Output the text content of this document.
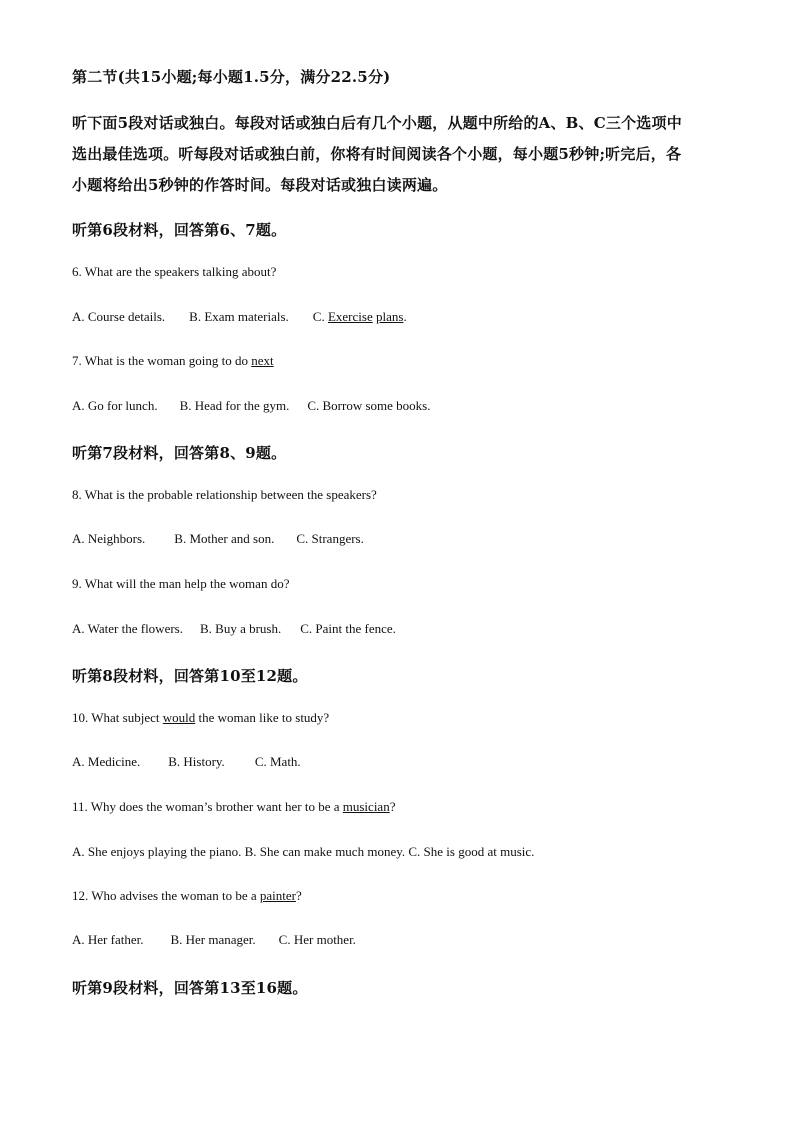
第二节(共15小题;每小题1.5分，满分22.5分)
听下面5段对话或独白。每段对话或独白后有几个小题，从题中所给的A、B、C三个选项中
选出最佳选项。听每段对话或独白前，你将有时间阅读各个小题，每小题5秒钟;听完后，各
小题将给出5秒钟的作答时间。每段对话或独白读两遍。
听第6段材料，回答第6、7题。
6. What are the speakers talking about?
A. Course details. B. Exam materials. C. Exercise plans.
7. What is the woman going to do next
A. Go for lunch. B. Head for the gym. C. Borrow some books.
听第7段材料，回答第8、9题。
8. What is the probable relationship between the speakers?
A. Neighbors. B. Mother and son. C. Strangers.
9. What will the man help the woman do?
A. Water the flowers. B. Buy a brush. C. Paint the fence.
听第8段材料，回答第10至12题。
10. What subject would the woman like to study?
A. Medicine. B. History. C. Math.
11. Why does the woman’s brother want her to be a musician?
A. She enjoys playing the piano. B. She can make much money. C. She is good at music.
12. Who advises the woman to be a painter?
A. Her father. B. Her manager. C. Her mother.
听第9段材料，回答第13至16题。
